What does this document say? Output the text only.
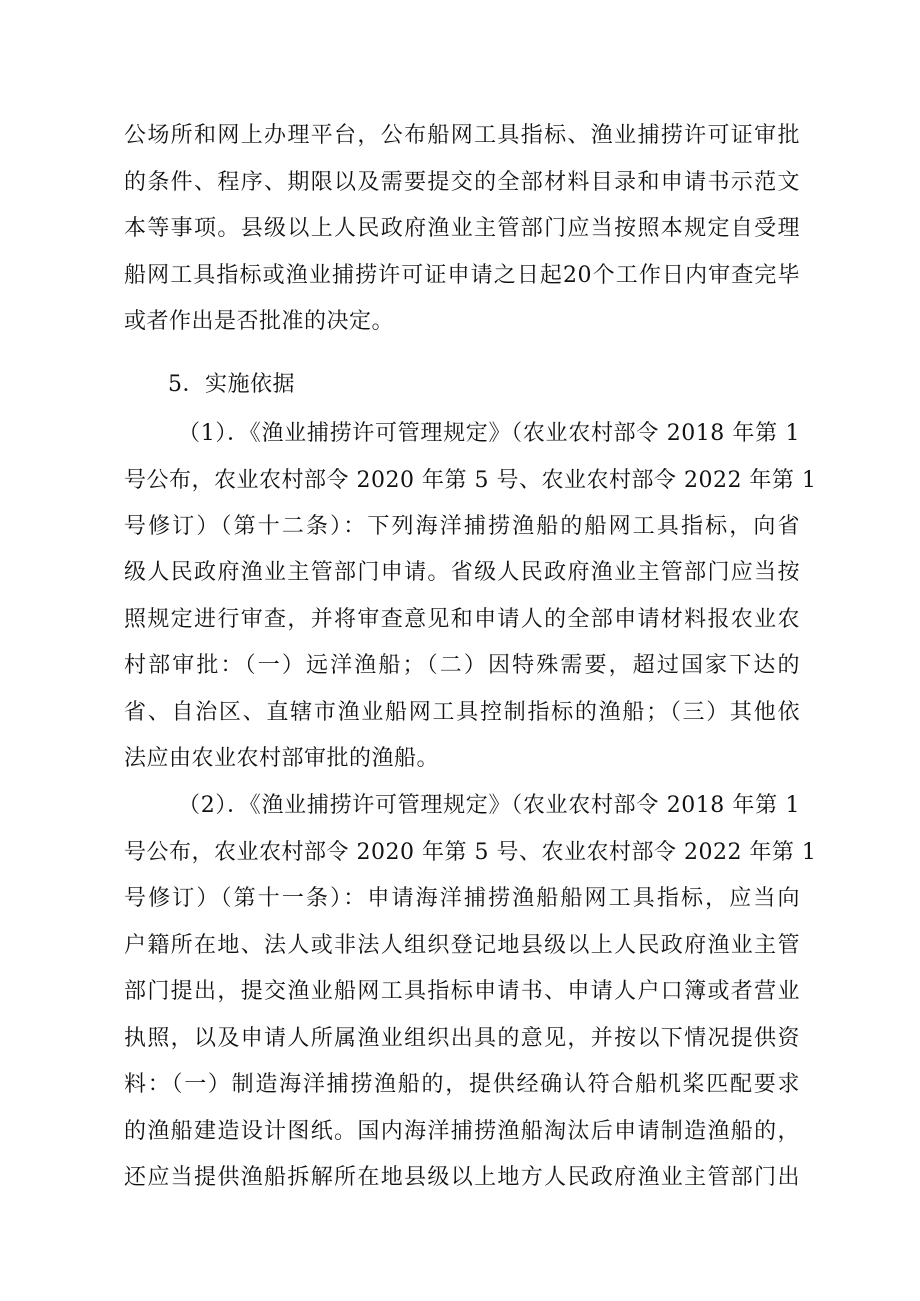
公场所和网上办理平台，公布船网工具指标、渔业捕捞许可证审批
的条件、程序、期限以及需要提交的全部材料目录和申请书示范文
本等事项。县级以上人民政府渔业主管部门应当按照本规定自受理
船网工具指标或渔业捕捞许可证申请之日起20个工作日内审查完毕
或者作出是否批准的决定。
5．实施依据
（1）．《渔业捕捞许可管理规定》（农业农村部令 2018 年第 1
号公布，农业农村部令 2020 年第 5 号、农业农村部令 2022 年第 1
号修订）（第十二条）：下列海洋捕捞渔船的船网工具指标，向省
级人民政府渔业主管部门申请。省级人民政府渔业主管部门应当按
照规定进行审查，并将审查意见和申请人的全部申请材料报农业农
村部审批：（一）远洋渔船；（二）因特殊需要，超过国家下达的
省、自治区、直辖市渔业船网工具控制指标的渔船；（三）其他依
法应由农业农村部审批的渔船。
（2）．《渔业捕捞许可管理规定》（农业农村部令 2018 年第 1
号公布，农业农村部令 2020 年第 5 号、农业农村部令 2022 年第 1
号修订）（第十一条）：申请海洋捕捞渔船船网工具指标，应当向
户籍所在地、法人或非法人组织登记地县级以上人民政府渔业主管
部门提出，提交渔业船网工具指标申请书、申请人户口簿或者营业
执照，以及申请人所属渔业组织出具的意见，并按以下情况提供资
料：（一）制造海洋捕捞渔船的，提供经确认符合船机桨匹配要求
的渔船建造设计图纸。国内海洋捕捞渔船淘汰后申请制造渔船的，
还应当提供渔船拆解所在地县级以上地方人民政府渔业主管部门出
